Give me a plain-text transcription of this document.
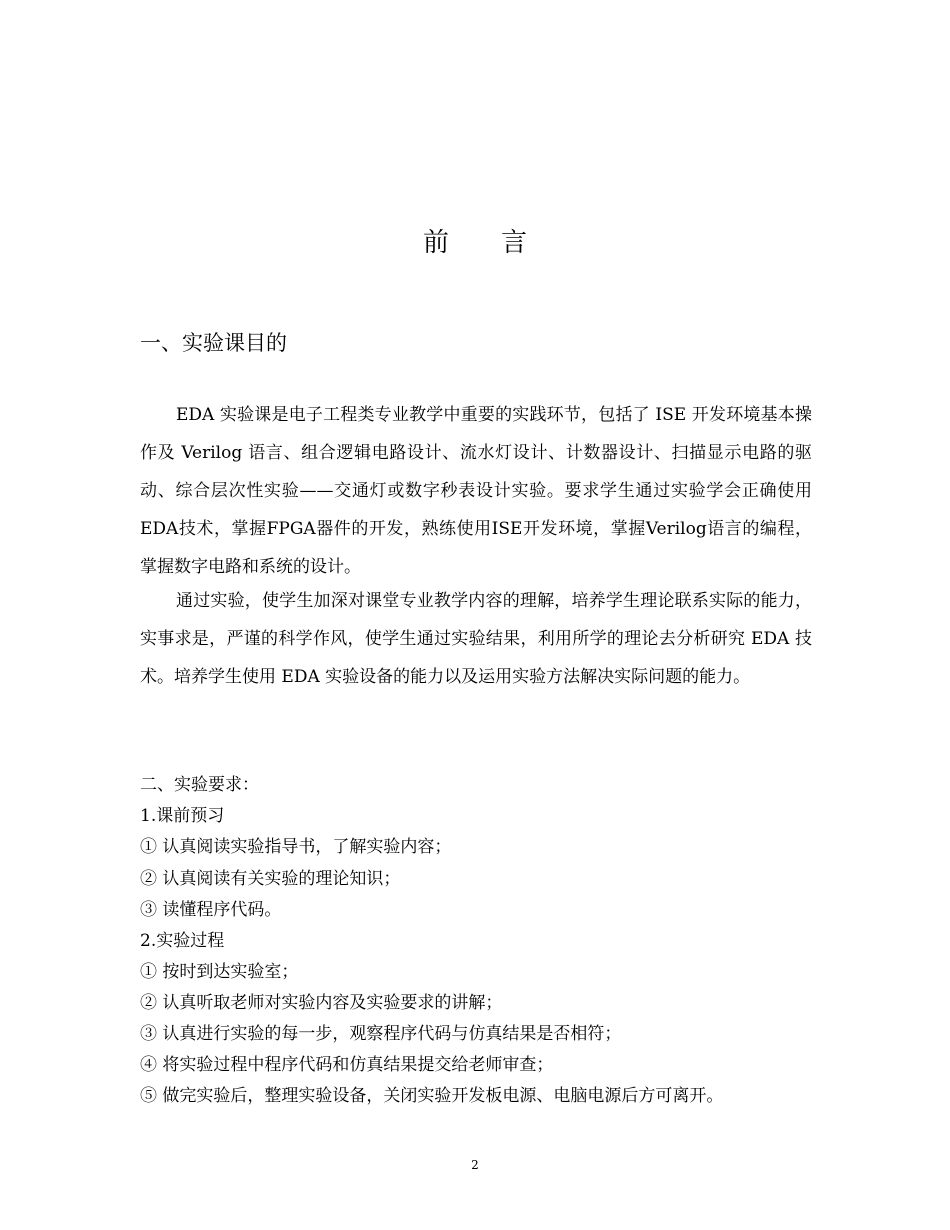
前 言
一、实验课目的
EDA 实验课是电子工程类专业教学中重要的实践环节，包括了 ISE 开发环境基本操作及 Verilog 语言、组合逻辑电路设计、流水灯设计、计数器设计、扫描显示电路的驱动、综合层次性实验——交通灯或数字秒表设计实验。要求学生通过实验学会正确使用EDA技术，掌握FPGA器件的开发，熟练使用ISE开发环境，掌握Verilog语言的编程，掌握数字电路和系统的设计。
通过实验，使学生加深对课堂专业教学内容的理解，培养学生理论联系实际的能力，实事求是，严谨的科学作风，使学生通过实验结果，利用所学的理论去分析研究 EDA 技术。培养学生使用 EDA 实验设备的能力以及运用实验方法解决实际问题的能力。
二、实验要求：
1.课前预习
① 认真阅读实验指导书，了解实验内容；
② 认真阅读有关实验的理论知识；
③ 读懂程序代码。
2.实验过程
① 按时到达实验室；
② 认真听取老师对实验内容及实验要求的讲解；
③ 认真进行实验的每一步，观察程序代码与仿真结果是否相符；
④ 将实验过程中程序代码和仿真结果提交给老师审查；
⑤ 做完实验后，整理实验设备，关闭实验开发板电源、电脑电源后方可离开。
2
